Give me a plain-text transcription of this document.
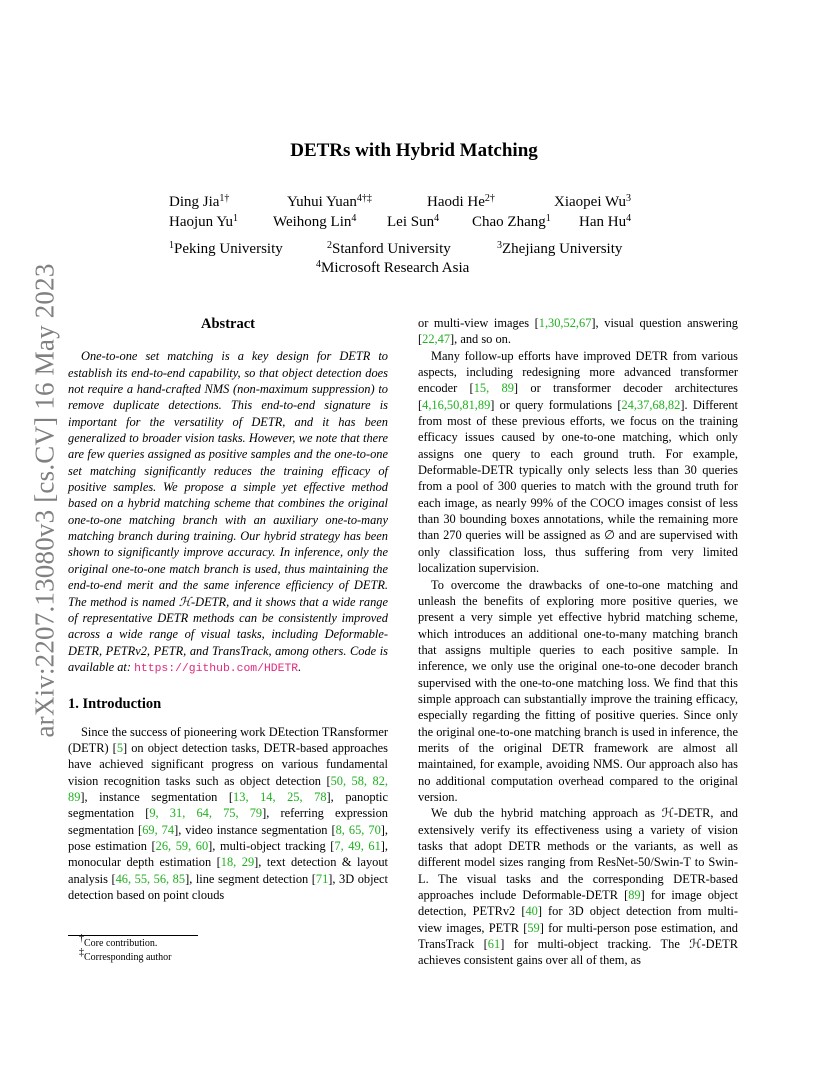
arXiv:2207.13080v3 [cs.CV] 16 May 2023
DETRs with Hybrid Matching
Ding Jia$^{1\dagger}$	Yuhui Yuan$^{4\dagger\ddagger}$	Haodi $He^{2\dagger}$	Xiaopei Wu$^3$
Haojun Yu$^1$ Weihong Lin$^4$ Lei Sun$^4$ Chao Zhang$^1$ Han Hu$^4$
$^1$Peking University	$^2$Stanford University	$^3$Zhejiang University
$^4$Microsoft Research Asia
Abstract

One-to-one set matching is a key design for DETR to establish its end-to-end capability, so that object detection does not require a hand-crafted NMS (non-maximum suppression) to remove duplicate detections. This end-to-end signature is important for the versatility of DETR, and it has been generalized to broader vision tasks. However, we note that there are few queries assigned as positive samples and the one-to-one set matching significantly reduces the training efficacy of positive samples. We propose a simple yet effective method based on a hybrid matching scheme that combines the original one-to-one matching branch with an auxiliary one-to-many matching branch during training. Our hybrid strategy has been shown to significantly improve accuracy. In inference, only the original one-to-one match branch is used, thus maintaining the end-to-end merit and the same inference efficiency of DETR. The method is named ℋ-DETR, and it shows that a wide range of representative DETR methods can be consistently improved across a wide range of visual tasks, including Deformable-DETR, PETRv2, PETR, and TransTrack, among others. Code is available at: https://github.com/HDETR.

1. Introduction

Since the success of pioneering work DEtection TRansformer (DETR) [5] on object detection tasks, DETR-based approaches have achieved significant progress on various fundamental vision recognition tasks such as object detection [50, 58, 82, 89], instance segmentation [13, 14, 25, 78], panoptic segmentation [9, 31, 64, 75, 79], referring expression segmentation [69, 74], video instance segmentation [8, 65, 70], pose estimation [26, 59, 60], multi-object tracking [7, 49, 61], monocular depth estimation [18, 29], text detection & layout analysis [46, 55, 56, 85], line segment detection [71], 3D object detection based on point clouds

or multi-view images [1,30,52,67], visual question answering [22,47], and so on.

Many follow-up efforts have improved DETR from various aspects, including redesigning more advanced transformer encoder [15, 89] or transformer decoder architectures [4,16,50,81,89] or query formulations [24,37,68,82]. Different from most of these previous efforts, we focus on the training efficacy issues caused by one-to-one matching, which only assigns one query to each ground truth. For example, Deformable-DETR typically only selects less than 30 queries from a pool of 300 queries to match with the ground truth for each image, as nearly 99% of the COCO images consist of less than 30 bounding boxes annotations, while the remaining more than 270 queries will be assigned as ∅ and are supervised with only classification loss, thus suffering from very limited localization supervision.

To overcome the drawbacks of one-to-one matching and unleash the benefits of exploring more positive queries, we present a very simple yet effective hybrid matching scheme, which introduces an additional one-to-many matching branch that assigns multiple queries to each positive sample. In inference, we only use the original one-to-one decoder branch supervised with the one-to-one matching loss. We find that this simple approach can substantially improve the training efficacy, especially regarding the fitting of positive queries. Since only the original one-to-one matching branch is used in inference, the merits of the original DETR framework are almost all maintained, for example, avoiding NMS. Our approach also has no additional computation overhead compared to the original version.

We dub the hybrid matching approach as ℋ-DETR, and extensively verify its effectiveness using a variety of vision tasks that adopt DETR methods or the variants, as well as different model sizes ranging from ResNet-50/Swin-T to Swin-L. The visual tasks and the corresponding DETR-based approaches include Deformable-DETR [89] for image object detection, PETRv2 [40] for 3D object detection from multi-view images, PETR [59] for multi-person pose estimation, and TransTrack [61] for multi-object tracking. The ℋ-DETR achieves consistent gains over all of them, as

†Core contribution.
‡Corresponding author
